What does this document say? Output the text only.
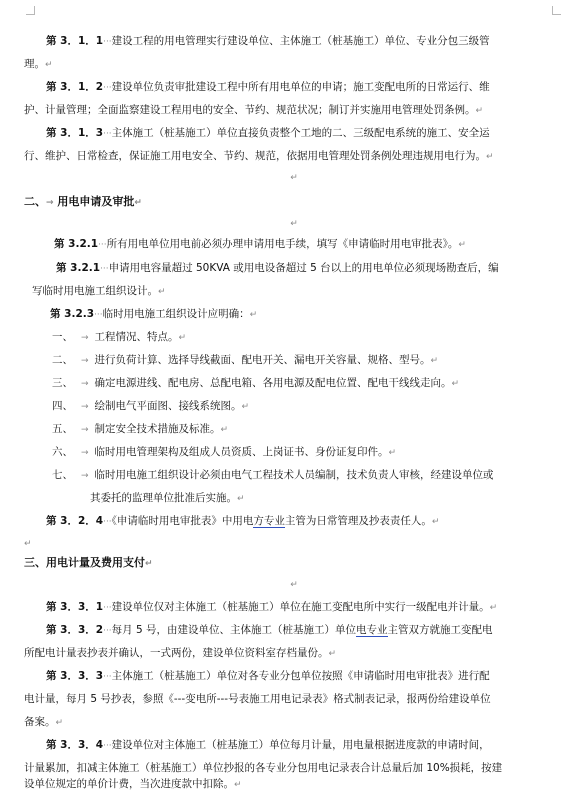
第 3．1．1···建设工程的用电管理实行建设单位、主体施工（桩基施工）单位、专业分包三级管
理。↵
第 3．1．2···建设单位负责审批建设工程中所有用电单位的申请；施工变配电所的日常运行、维
护、计量管理；全面监察建设工程用电的安全、节约、规范状况；制订并实施用电管理处罚条例。↵
第 3．1．3···主体施工（桩基施工）单位直接负责整个工地的二、三级配电系统的施工、安全运
行、维护、日常检查，保证施工用电安全、节约、规范，依据用电管理处罚条例处理违规用电行为。↵
↵
二、→ 用电申请及审批↵
↵
第 3.2.1···所有用电单位用电前必须办理申请用电手续，填写《申请临时用电审批表》。↵
第 3.2.1···申请用电容量超过 50KVA 或用电设备超过 5 台以上的用电单位必须现场勘查后，编
写临时用电施工组织设计。↵
第 3.2.3···临时用电施工组织设计应明确：↵
一、 → 工程情况、特点。↵
二、 → 进行负荷计算、选择导线截面、配电开关、漏电开关容量、规格、型号。↵
三、 → 确定电源进线、配电房、总配电箱、各用电源及配电位置、配电干线线走向。↵
四、 → 绘制电气平面图、接线系统图。↵
五、 → 制定安全技术措施及标准。↵
六、 → 临时用电管理架构及组成人员资质、上岗证书、身份证复印件。↵
七、 → 临时用电施工组织设计必须由电气工程技术人员编制，技术负责人审核，经建设单位或
其委托的监理单位批准后实施。↵
第 3．2．4···《申请临时用电审批表》中用电方专业主管为日常管理及抄表责任人。↵
↵
三、用电计量及费用支付↵
↵
第 3．3．1···建设单位仅对主体施工（桩基施工）单位在施工变配电所中实行一级配电并计量。↵
第 3．3．2···每月 5 号，由建设单位、主体施工（桩基施工）单位电专业主管双方就施工变配电
所配电计量表抄表并确认，一式两份，建设单位资料室存档量份。↵
第 3．3．3···主体施工（桩基施工）单位对各专业分包单位按照《申请临时用电审批表》进行配
电计量，每月 5 号抄表，参照《---变电所---号表施工用电记录表》格式制表记录，报两份给建设单位
备案。↵
第 3．3．4···建设单位对主体施工（桩基施工）单位每月计量，用电量根据进度款的申请时间，
计量累加，扣减主体施工（桩基施工）单位抄报的各专业分包用电记录表合计总量后加 10%损耗，按建
设单位规定的单价计费，当次进度款中扣除。↵
